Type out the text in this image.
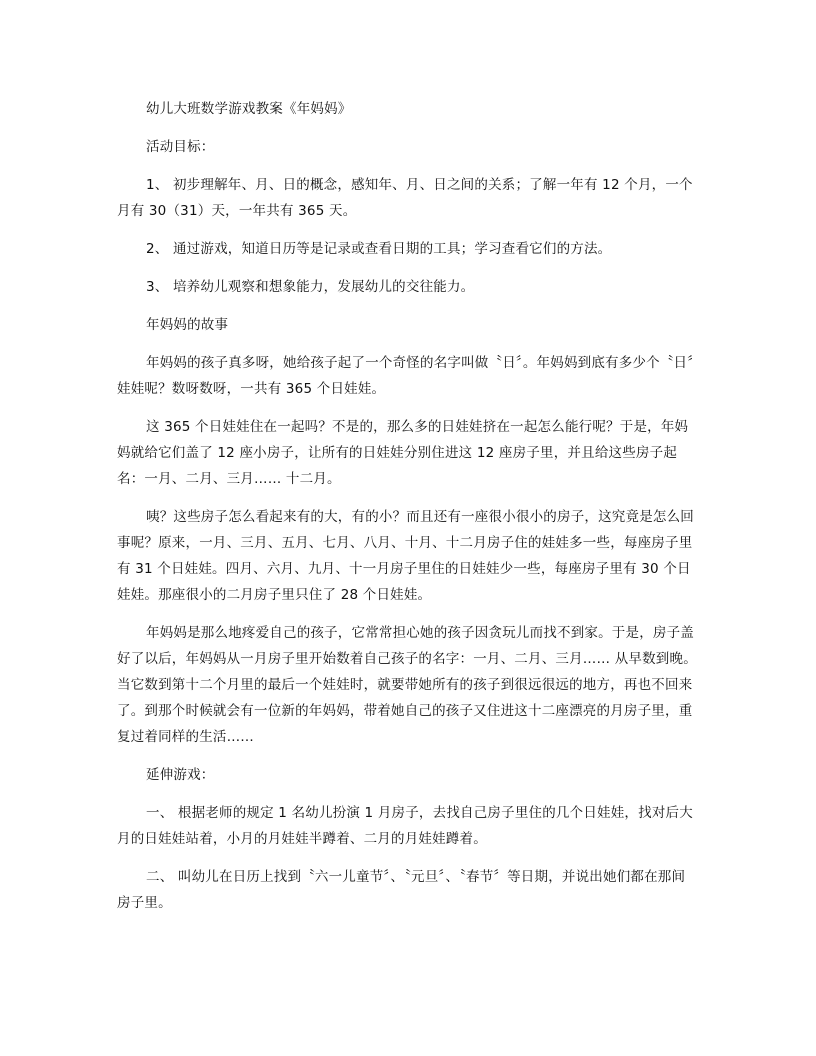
幼儿大班数学游戏教案《年妈妈》

活动目标：

1、 初步理解年、月、日的概念，感知年、月、日之间的关系；了解一年有 12 个月，一个月有 30（31）天，一年共有 365 天。

2、 通过游戏，知道日历等是记录或查看日期的工具；学习查看它们的方法。

3、 培养幼儿观察和想象能力，发展幼儿的交往能力。

年妈妈的故事

年妈妈的孩子真多呀，她给孩子起了一个奇怪的名字叫做〝日〞。年妈妈到底有多少个〝日〞娃娃呢？数呀数呀，一共有 365 个日娃娃。

这 365 个日娃娃住在一起吗？不是的，那么多的日娃娃挤在一起怎么能行呢？于是，年妈妈就给它们盖了 12 座小房子，让所有的日娃娃分别住进这 12 座房子里，并且给这些房子起名：一月、二月、三月…… 十二月。

咦？这些房子怎么看起来有的大，有的小？而且还有一座很小很小的房子，这究竟是怎么回事呢？原来，一月、三月、五月、七月、八月、十月、十二月房子住的娃娃多一些，每座房子里有 31 个日娃娃。四月、六月、九月、十一月房子里住的日娃娃少一些，每座房子里有 30 个日娃娃。那座很小的二月房子里只住了 28 个日娃娃。

年妈妈是那么地疼爱自己的孩子，它常常担心她的孩子因贪玩儿而找不到家。于是，房子盖好了以后，年妈妈从一月房子里开始数着自己孩子的名字：一月、二月、三月…… 从早数到晚。当它数到第十二个月里的最后一个娃娃时，就要带她所有的孩子到很远很远的地方，再也不回来了。到那个时候就会有一位新的年妈妈，带着她自己的孩子又住进这十二座漂亮的月房子里，重复过着同样的生活……

延伸游戏：

一、 根据老师的规定 1 名幼儿扮演 1 月房子，去找自己房子里住的几个日娃娃，找对后大月的日娃娃站着，小月的月娃娃半蹲着、二月的月娃娃蹲着。

二、 叫幼儿在日历上找到〝六一儿童节〞、〝元旦〞、〝春节〞等日期，并说出她们都在那间房子里。
